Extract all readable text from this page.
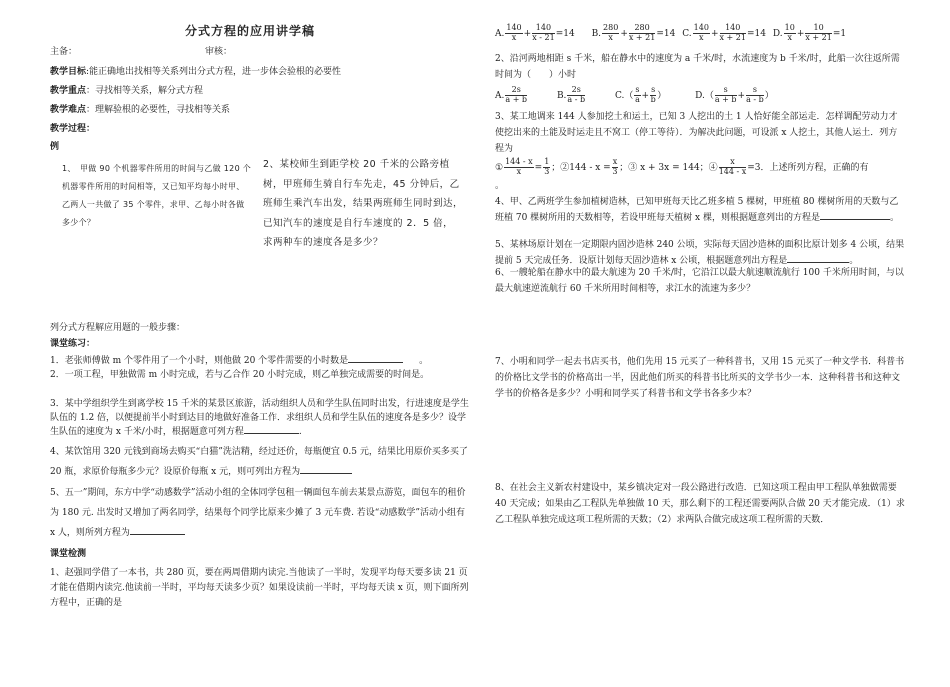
分式方程的应用讲学稿
主备：	审核：
教学目标:能正确地出找相等关系列出分式方程，进一步体会验根的必要性
教学重点：寻找相等关系，解分式方程
教学难点：理解验根的必要性，寻找相等关系
教学过程：
例
1、　甲做 90 个机器零件所用的时间与乙做 120 个机器零件所用的时间相等，又已知平均每小时甲、乙两人一共做了 35 个零件，求甲、乙每小时各做多少个？
2、某校师生到距学校 20 千米的公路旁植树，甲班师生骑自行车先走，45 分钟后，乙班师生乘汽车出发，结果两班师生同时到达，已知汽车的速度是自行车速度的 2．5 倍，求两种车的速度各是多少？
列分式方程解应用题的一般步骤：
课堂练习：
1．老张师傅做 m 个零件用了一个小时，则他做 20 个零件需要的小时数是	。
2．一项工程，甲独做需 m 小时完成，若与乙合作 20 小时完成，则乙单独完成需要的时间是。
3．某中学组织学生到离学校 15 千米的某景区旅游，活动组织人员和学生队伍同时出发，行进速度是学生队伍的 1.2 倍，以便提前半小时到达目的地做好准备工作．求组织人员和学生队伍的速度各是多少？设学生队伍的速度为 x 千米/小时，根据题意可列方程	.
4、某饮馆用 320 元钱到商场去购买“白猫”洗洁精，经过还价，每瓶便宜 0.5 元，结果比用原价买多买了 20 瓶，求原价每瓶多少元？设原价每瓶 x 元，则可列出方程为
5、五一”期间，东方中学“动感数学”活动小组的全体同学包租一辆面包车前去某景点游览，面包车的租价为 180 元. 出发时又增加了两名同学，结果每个同学比原来少摊了 3 元车费. 若设“动感数学”活动小组有 x 人，则所列方程为
课堂检测
1、赵强同学借了一本书，共 280 页，要在两周借期内读完.当他读了一半时，发现平均每天要多读 21 页才能在借期内读完.他读前一半时，平均每天读多少页？如果设读前一半时，平均每天读 x 页，则下面所列方程中，正确的是
A. $\frac{140}{x} + \frac{140}{x - 21} =14$ B. $\frac{280}{x} + \frac{280}{x + 21} =14$ C. $\frac{140}{x} + \frac{140}{x + 21} =14$ D. $\frac{10}{x} + \frac{10}{x + 21} =1$
2、沿河两地相距 s 千米，船在静水中的速度为 a 千米/时，水流速度为 b 千米/时，此船一次往返所需时间为（　　）小时
A. $\frac{2s}{a + b}$	B. $\frac{2s}{a - b}$	$C.( \frac{s}{a} + \frac{s}{b}$ ）	$D.( \frac{s}{a + b} + \frac{s}{a - b}$ ）
3、某工地调来 144 人参加挖土和运土，已知 3 人挖出的土 1 人恰好能全部运走．怎样调配劳动力才使挖出来的土能及时运走且不窝工（停工等待）．为解决此问题，可设派 x 人挖土，其他人运土．列方程为
① $\frac{144 - x}{x} = \frac{1}{3}$ ；②144 - $x = \frac{x}{3}$ ；③ x + 3x = 144；④ $\frac{x}{144 - x} =3$．上述所列方程，正确的有
。
4、甲、乙两班学生参加植树造林，已知甲班每天比乙班多植 5 棵树，甲班植 80 棵树所用的天数与乙班植 70 棵树所用的天数相等，若设甲班每天植树 x 棵，则根据题意列出的方程是	。
5、某林场原计划在一定期限内固沙造林 240 公顷，实际每天固沙造林的面积比原计划多 4 公顷，结果提前 5 天完成任务．设原计划每天固沙造林 x 公顷，根据题意列出方程是	。
6、一艘轮船在静水中的最大航速为 20 千米/时，它沿江以最大航速顺流航行 100 千米所用时间，与以最大航速逆流航行 60 千米所用时间相等，求江水的流速为多少？
7、小明和同学一起去书店买书，他们先用 15 元买了一种科普书，又用 15 元买了一种文学书．科普书的价格比文学书的价格高出一半，因此他们所买的科普书比所买的文学书少一本．这种科普书和这种文学书的价格各是多少？小明和同学买了科普书和文学书各多少本？
8、在社会主义新农村建设中，某乡镇决定对一段公路进行改造．已知这项工程由甲工程队单独做需要 40 天完成；如果由乙工程队先单独做 10 天，那么剩下的工程还需要两队合做 20 天才能完成．（1）求乙工程队单独完成这项工程所需的天数；（2）求两队合做完成这项工程所需的天数．
